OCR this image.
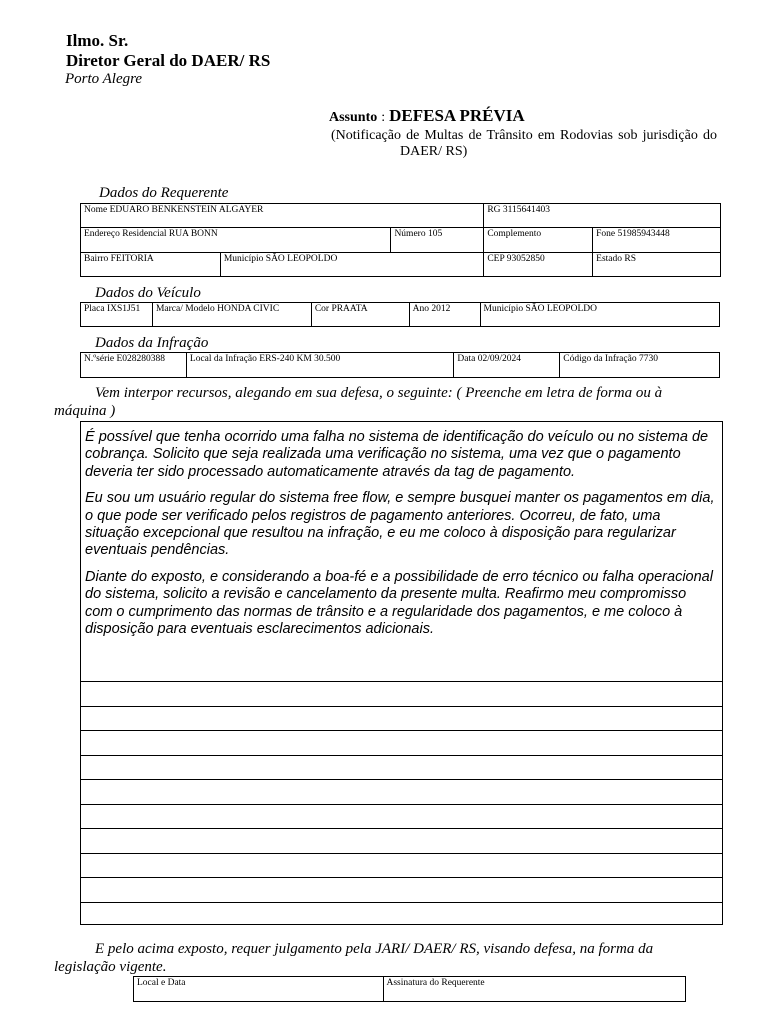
Ilmo. Sr.
Diretor Geral do DAER/ RS
Porto Alegre
Assunto : DEFESA PRÉVIA
(Notificação de Multas de Trânsito em Rodovias sob jurisdição do
DAER/ RS)
Dados do Requerente
Nome EDUARO BENKENSTEIN ALGAYER			RG 3115641403	
Endereço Residencial RUA BONN		Número 105	Complemento	Fone 51985943448
Bairro FEITORIA	Município SÃO LEOPOLDO		CEP 93052850	Estado RS
Dados do Veículo
Placa IXS1J51	Marca/ Modelo HONDA CIVIC	Cor PRAATA	Ano 2012	Município SÃO LEOPOLDO
Dados da Infração
N.ºsérie E028280388	Local da Infração ERS-240 KM 30.500	Data 02/09/2024	Código da Infração 7730
Vem interpor recursos, alegando em sua defesa, o seguinte: ( Preenche em letra de forma ou à
máquina )

É possível que tenha ocorrido uma falha no sistema de identificação do veículo ou no sistema de cobrança. Solicito que seja realizada uma verificação no sistema, uma vez que o pagamento deveria ter sido processado automaticamente através da tag de pagamento.

Eu sou um usuário regular do sistema free flow, e sempre busquei manter os pagamentos em dia, o que pode ser verificado pelos registros de pagamento anteriores. Ocorreu, de fato, uma situação excepcional que resultou na infração, e eu me coloco à disposição para regularizar eventuais pendências.

Diante do exposto, e considerando a boa-fé e a possibilidade de erro técnico ou falha operacional do sistema, solicito a revisão e cancelamento da presente multa. Reafirmo meu compromisso com o cumprimento das normas de trânsito e a regularidade dos pagamentos, e me coloco à disposição para eventuais esclarecimentos adicionais.

E pelo acima exposto, requer julgamento pela JARI/ DAER/ RS, visando defesa, na forma da
legislação vigente.
Local e Data	Assinatura do Requerente
